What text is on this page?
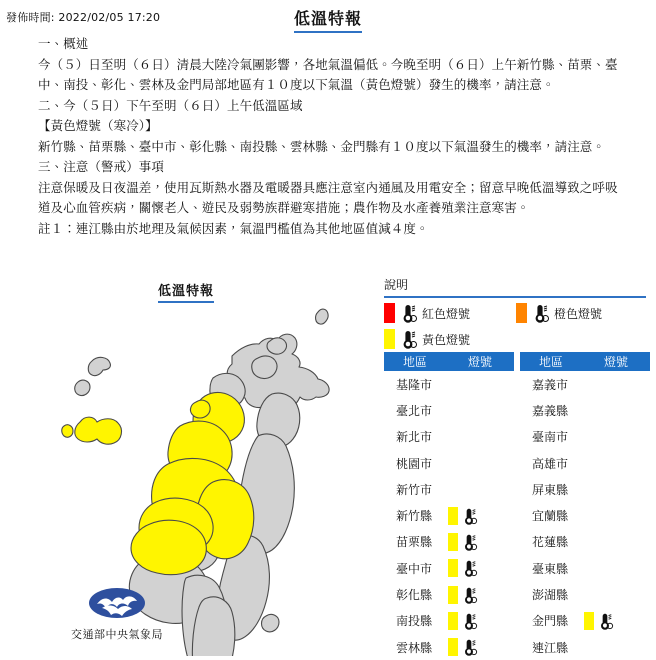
發佈時間: 2022/02/05 17:20	低溫特報

一、概述

今（５）日至明（６日）清晨大陸冷氣團影響，各地氣溫偏低。今晚至明（６日）上午新竹縣、苗栗、臺

中、南投、彰化、雲林及金門局部地區有１０度以下氣溫（黃色燈號）發生的機率，請注意。

二、今（５日）下午至明（６日）上午低溫區域

【黃色燈號（寒冷）】

新竹縣、苗栗縣、臺中市、彰化縣、南投縣、雲林縣、金門縣有１０度以下氣溫發生的機率，請注意。

三、注意（警戒）事項

注意保暖及日夜溫差，使用瓦斯熱水器及電暖器具應注意室內通風及用電安全；留意早晚低溫導致之呼吸

道及心血管疾病，關懷老人、遊民及弱勢族群避寒措施；農作物及水產養殖業注意寒害。

註１：連江縣由於地理及氣候因素，氣溫門檻值為其他地區值減４度。

低溫特報
交通部中央氣象局
說明
紅色燈號	橙色燈號
黃色燈號
地區	燈號
基隆市
臺北市
新北市
桃園市
新竹市
新竹縣
苗栗縣
臺中市
彰化縣
南投縣
雲林縣
地區	燈號
嘉義市
嘉義縣
臺南市
高雄市
屏東縣
宜蘭縣
花蓮縣
臺東縣
澎湖縣
金門縣
連江縣
